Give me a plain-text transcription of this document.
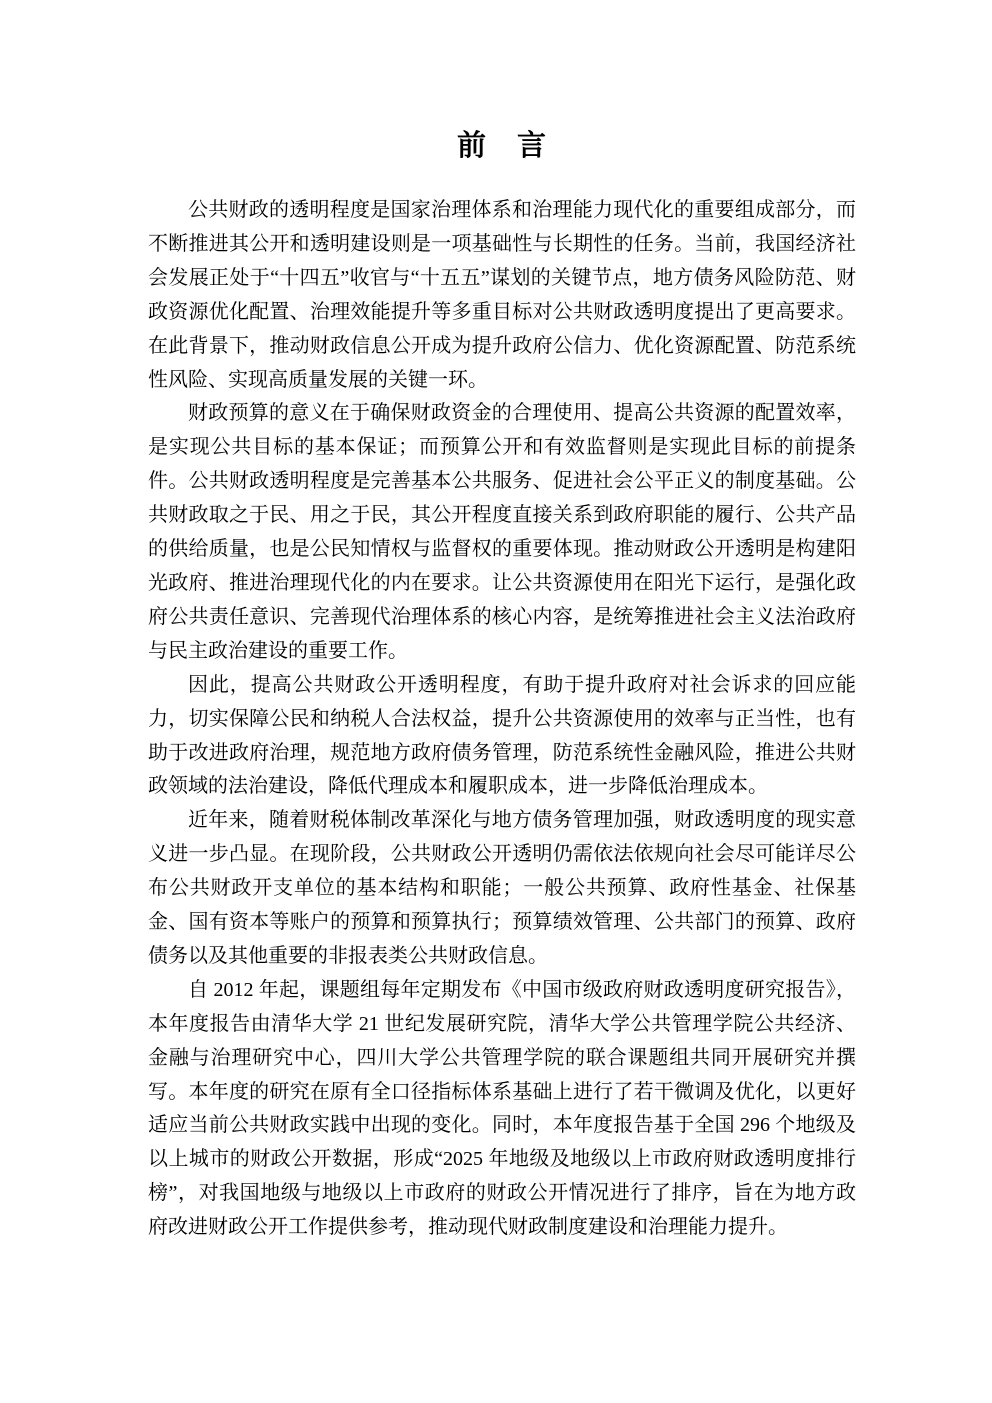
前　言

公共财政的透明程度是国家治理体系和治理能力现代化的重要组成部分，而不断推进其公开和透明建设则是一项基础性与长期性的任务。当前，我国经济社会发展正处于“十四五”收官与“十五五”谋划的关键节点，地方债务风险防范、财政资源优化配置、治理效能提升等多重目标对公共财政透明度提出了更高要求。在此背景下，推动财政信息公开成为提升政府公信力、优化资源配置、防范系统性风险、实现高质量发展的关键一环。

财政预算的意义在于确保财政资金的合理使用、提高公共资源的配置效率，是实现公共目标的基本保证；而预算公开和有效监督则是实现此目标的前提条件。公共财政透明程度是完善基本公共服务、促进社会公平正义的制度基础。公共财政取之于民、用之于民，其公开程度直接关系到政府职能的履行、公共产品的供给质量，也是公民知情权与监督权的重要体现。推动财政公开透明是构建阳光政府、推进治理现代化的内在要求。让公共资源使用在阳光下运行，是强化政府公共责任意识、完善现代治理体系的核心内容，是统筹推进社会主义法治政府与民主政治建设的重要工作。

因此，提高公共财政公开透明程度，有助于提升政府对社会诉求的回应能力，切实保障公民和纳税人合法权益，提升公共资源使用的效率与正当性，也有助于改进政府治理，规范地方政府债务管理，防范系统性金融风险，推进公共财政领域的法治建设，降低代理成本和履职成本，进一步降低治理成本。

近年来，随着财税体制改革深化与地方债务管理加强，财政透明度的现实意义进一步凸显。在现阶段，公共财政公开透明仍需依法依规向社会尽可能详尽公布公共财政开支单位的基本结构和职能；一般公共预算、政府性基金、社保基金、国有资本等账户的预算和预算执行；预算绩效管理、公共部门的预算、政府债务以及其他重要的非报表类公共财政信息。

自 2012 年起，课题组每年定期发布《中国市级政府财政透明度研究报告》，本年度报告由清华大学 21 世纪发展研究院，清华大学公共管理学院公共经济、金融与治理研究中心，四川大学公共管理学院的联合课题组共同开展研究并撰写。本年度的研究在原有全口径指标体系基础上进行了若干微调及优化，以更好适应当前公共财政实践中出现的变化。同时，本年度报告基于全国 296 个地级及以上城市的财政公开数据，形成“2025 年地级及地级以上市政府财政透明度排行榜”，对我国地级与地级以上市政府的财政公开情况进行了排序，旨在为地方政府改进财政公开工作提供参考，推动现代财政制度建设和治理能力提升。
